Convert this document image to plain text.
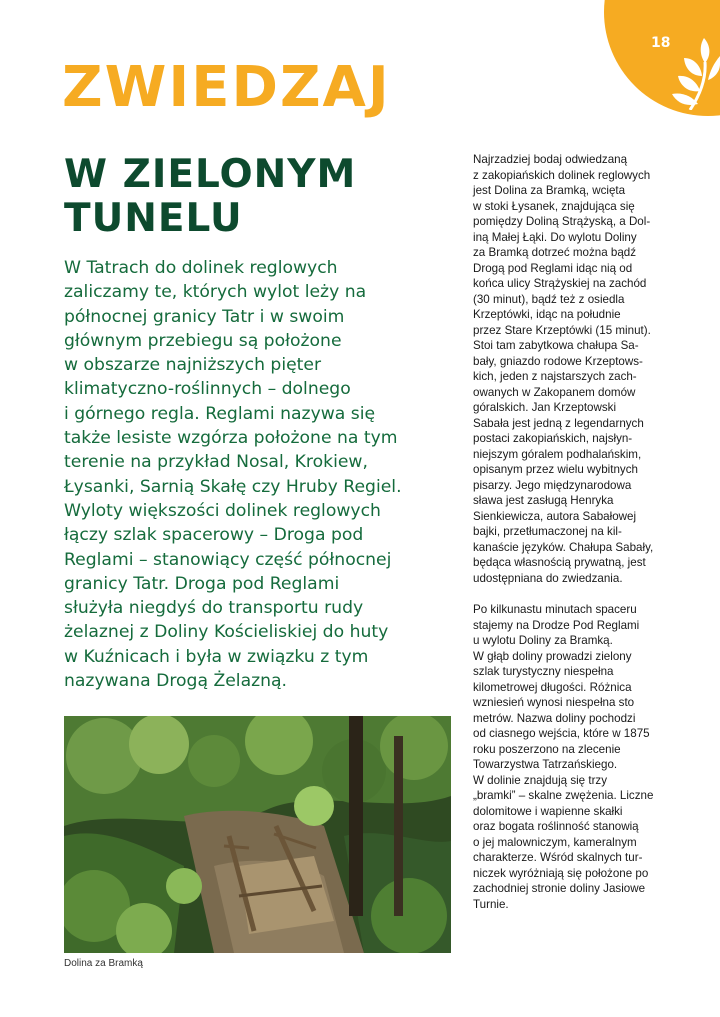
18
ZWIEDZAJ
W ZIELONYM
TUNELU
W Tatrach do dolinek reglowych
zaliczamy te, których wylot leży na
północnej granicy Tatr i w swoim
głównym przebiegu są położone
w obszarze najniższych pięter
klimatyczno-roślinnych – dolnego
i górnego regla. Reglami nazywa się
także lesiste wzgórza położone na tym
terenie na przykład Nosal, Krokiew,
Łysanki, Sarnią Skałę czy Hruby Regiel.
Wyloty większości dolinek reglowych
łączy szlak spacerowy – Droga pod
Reglami – stanowiący część północnej
granicy Tatr. Droga pod Reglami
służyła niegdyś do transportu rudy
żelaznej z Doliny Kościeliskiej do huty
w Kuźnicach i była w związku z tym
nazywana Drogą Żelazną.
Dolina za Bramką
Najrzadziej bodaj odwiedzaną
z zakopiańskich dolinek reglowych
jest Dolina za Bramką, wcięta
w stoki Łysanek, znajdująca się
pomiędzy Doliną Strążyską, a Dol-
iną Małej Łąki. Do wylotu Doliny
za Bramką dotrzeć można bądź
Drogą pod Reglami idąc nią od
końca ulicy Strążyskiej na zachód
(30 minut), bądź też z osiedla
Krzeptówki, idąc na południe
przez Stare Krzeptówki (15 minut).
Stoi tam zabytkowa chałupa Sa-
bały, gniazdo rodowe Krzeptows-
kich, jeden z najstarszych zach-
owanych w Zakopanem domów
góralskich. Jan Krzeptowski
Sabała jest jedną z legendarnych
postaci zakopiańskich, najsłyn-
niejszym góralem podhalańskim,
opisanym przez wielu wybitnych
pisarzy. Jego międzynarodowa
sława jest zasługą Henryka
Sienkiewicza, autora Sabałowej
bajki, przetłumaczonej na kil-
kanaście języków. Chałupa Sabały,
będąca własnością prywatną, jest
udostępniana do zwiedzania.
Po kilkunastu minutach spaceru
stajemy na Drodze Pod Reglami
u wylotu Doliny za Bramką.
W głąb doliny prowadzi zielony
szlak turystyczny niespełna
kilometrowej długości. Różnica
wzniesień wynosi niespełna sto
metrów. Nazwa doliny pochodzi
od ciasnego wejścia, które w 1875
roku poszerzono na zlecenie
Towarzystwa Tatrzańskiego.
W dolinie znajdują się trzy
„bramki” – skalne zwężenia. Liczne
dolomitowe i wapienne skałki
oraz bogata roślinność stanowią
o jej malowniczym, kameralnym
charakterze. Wśród skalnych tur-
niczek wyróżniają się położone po
zachodniej stronie doliny Jasiowe
Turnie.
